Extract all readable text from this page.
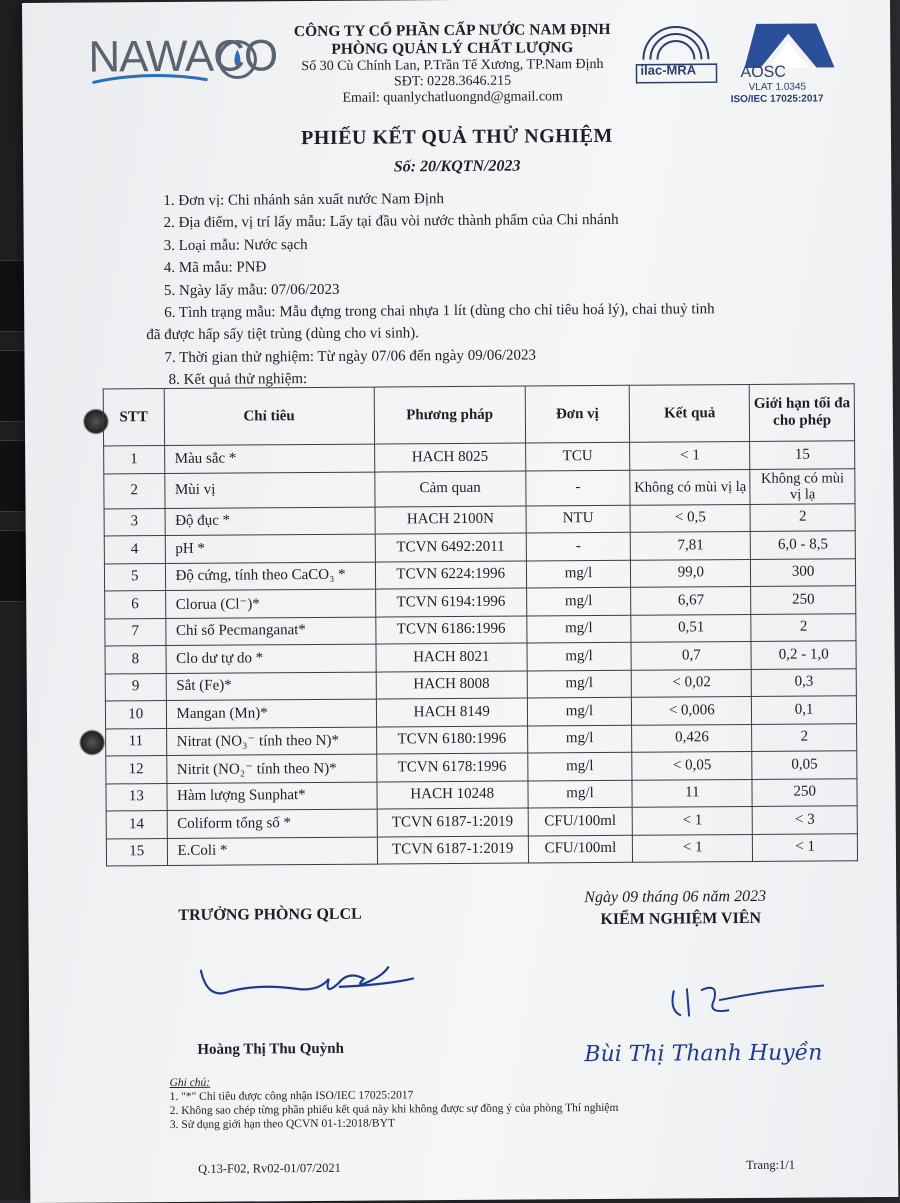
NAWACO
CÔNG TY CỔ PHẦN CẤP NƯỚC NAM ĐỊNH
PHÒNG QUẢN LÝ CHẤT LƯỢNG
Số 30 Cù Chính Lan, P.Trần Tế Xương, TP.Nam Định
SĐT: 0228.3646.215
Email: quanlychatluongnd@gmail.com
ilac-MRA	AOSC
VLAT 1.0345
ISO/IEC 17025:2017
PHIẾU KẾT QUẢ THỬ NGHIỆM
Số: 20/KQTN/2023
1. Đơn vị: Chi nhánh sản xuất nước Nam Định
2. Địa điểm, vị trí lấy mẫu: Lấy tại đầu vòi nước thành phẩm của Chi nhánh
3. Loại mẫu: Nước sạch
4. Mã mẫu: PNĐ
5. Ngày lấy mẫu: 07/06/2023
6. Tình trạng mẫu: Mẫu đựng trong chai nhựa 1 lít (dùng cho chỉ tiêu hoá lý), chai thuỷ tinh
đã được hấp sấy tiệt trùng (dùng cho vi sinh).
7. Thời gian thử nghiệm: Từ ngày 07/06 đến ngày 09/06/2023
8. Kết quả thử nghiệm:
STT	Chỉ tiêu	Phương pháp	Đơn vị	Kết quả	Giới hạn tối đa cho phép
1	Màu sắc *	HACH 8025	TCU	< 1	15
2	Mùi vị	Cảm quan	-	Không có mùi vị lạ	Không có mùi vị lạ
3	Độ đục *	HACH 2100N	NTU	< 0,5	2
4	pH *	TCVN 6492:2011	-	7,81	6,0 - 8,5
5	Độ cứng, tính theo CaCO₃ *	TCVN 6224:1996	mg/l	99,0	300
6	Clorua (Cl⁻)*	TCVN 6194:1996	mg/l	6,67	250
7	Chỉ số Pecmanganat*	TCVN 6186:1996	mg/l	0,51	2
8	Clo dư tự do *	HACH 8021	mg/l	0,7	0,2 - 1,0
9	Sắt (Fe)*	HACH 8008	mg/l	< 0,02	0,3
10	Mangan (Mn)*	HACH 8149	mg/l	< 0,006	0,1
11	Nitrat (NO₃⁻ tính theo N)*	TCVN 6180:1996	mg/l	0,426	2
12	Nitrit (NO₂⁻ tính theo N)*	TCVN 6178:1996	mg/l	< 0,05	0,05
13	Hàm lượng Sunphat*	HACH 10248	mg/l	11	250
14	Coliform tổng số *	TCVN 6187-1:2019	CFU/100ml	< 1	< 3
15	E.Coli *	TCVN 6187-1:2019	CFU/100ml	< 1	< 1
Ngày 09 tháng 06 năm 2023
TRƯỞNG PHÒNG QLCL	KIỂM NGHIỆM VIÊN
Bùi Thị Thanh Huyền
Hoàng Thị Thu Quỳnh
Ghi chú:
1. "*" Chỉ tiêu được công nhận ISO/IEC 17025:2017
2. Không sao chép từng phần phiếu kết quả này khi không được sự đồng ý của phòng Thí nghiệm
3. Sử dụng giới hạn theo QCVN 01-1:2018/BYT
Q.13-F02, Rv02-01/07/2021	Trang:1/1
